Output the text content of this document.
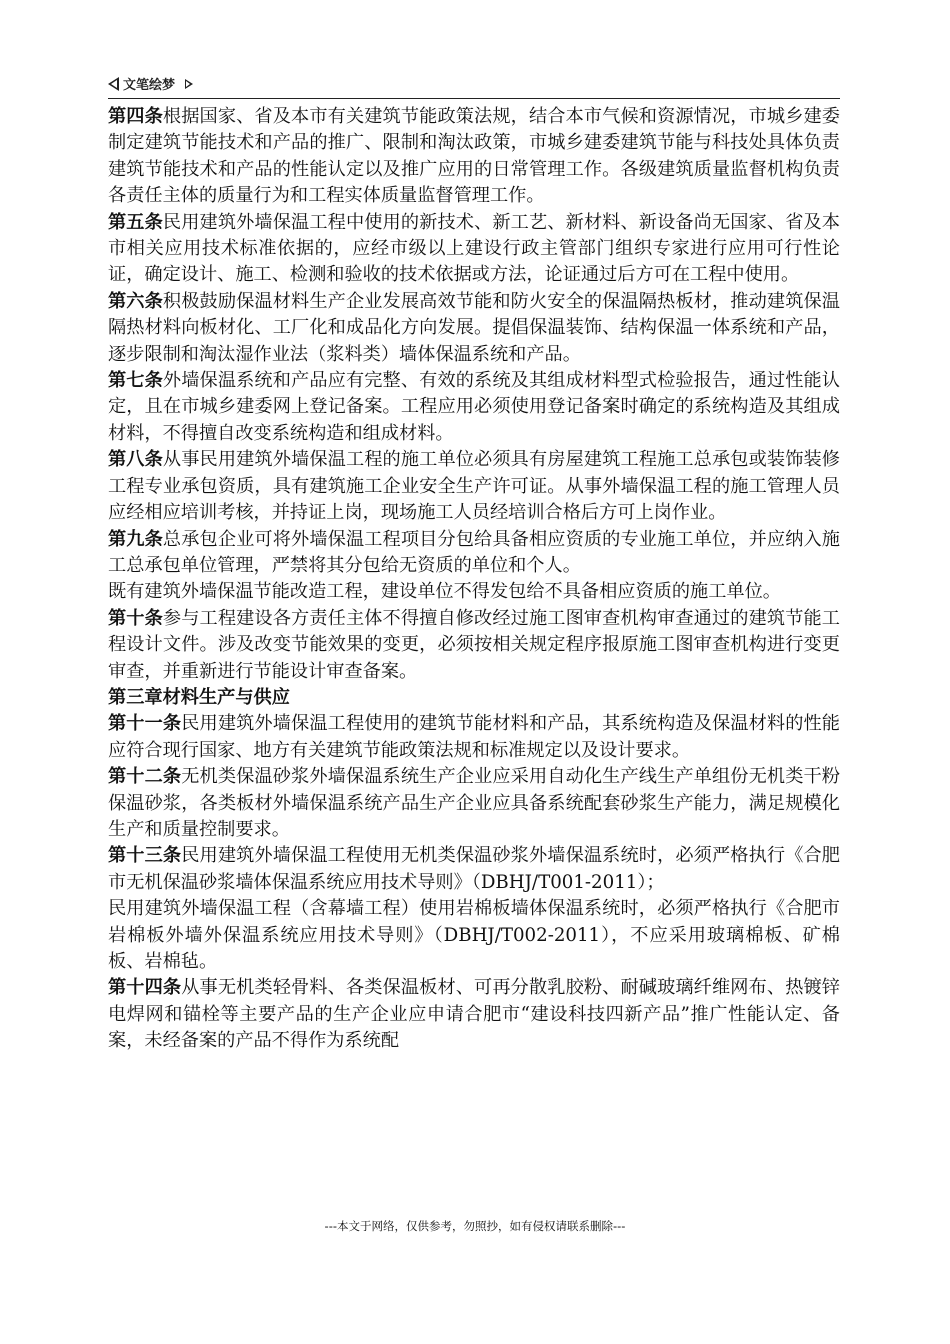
文笔绘梦

第四条根据国家、省及本市有关建筑节能政策法规，结合本市气候和资源情况，市城乡建委制定建筑节能技术和产品的推广、限制和淘汰政策，市城乡建委建筑节能与科技处具体负责建筑节能技术和产品的性能认定以及推广应用的日常管理工作。各级建筑质量监督机构负责各责任主体的质量行为和工程实体质量监督管理工作。

第五条民用建筑外墙保温工程中使用的新技术、新工艺、新材料、新设备尚无国家、省及本市相关应用技术标准依据的，应经市级以上建设行政主管部门组织专家进行应用可行性论证，确定设计、施工、检测和验收的技术依据或方法，论证通过后方可在工程中使用。

第六条积极鼓励保温材料生产企业发展高效节能和防火安全的保温隔热板材，推动建筑保温隔热材料向板材化、工厂化和成品化方向发展。提倡保温装饰、结构保温一体系统和产品，逐步限制和淘汰湿作业法（浆料类）墙体保温系统和产品。

第七条外墙保温系统和产品应有完整、有效的系统及其组成材料型式检验报告，通过性能认定，且在市城乡建委网上登记备案。工程应用必须使用登记备案时确定的系统构造及其组成材料，不得擅自改变系统构造和组成材料。

第八条从事民用建筑外墙保温工程的施工单位必须具有房屋建筑工程施工总承包或装饰装修工程专业承包资质，具有建筑施工企业安全生产许可证。从事外墙保温工程的施工管理人员应经相应培训考核，并持证上岗，现场施工人员经培训合格后方可上岗作业。

第九条总承包企业可将外墙保温工程项目分包给具备相应资质的专业施工单位，并应纳入施工总承包单位管理，严禁将其分包给无资质的单位和个人。

既有建筑外墙保温节能改造工程，建设单位不得发包给不具备相应资质的施工单位。

第十条参与工程建设各方责任主体不得擅自修改经过施工图审查机构审查通过的建筑节能工程设计文件。涉及改变节能效果的变更，必须按相关规定程序报原施工图审查机构进行变更审查，并重新进行节能设计审查备案。

第三章材料生产与供应

第十一条民用建筑外墙保温工程使用的建筑节能材料和产品，其系统构造及保温材料的性能应符合现行国家、地方有关建筑节能政策法规和标准规定以及设计要求。

第十二条无机类保温砂浆外墙保温系统生产企业应采用自动化生产线生产单组份无机类干粉保温砂浆，各类板材外墙保温系统产品生产企业应具备系统配套砂浆生产能力，满足规模化生产和质量控制要求。

第十三条民用建筑外墙保温工程使用无机类保温砂浆外墙保温系统时，必须严格执行《合肥市无机保温砂浆墙体保温系统应用技术导则》（DBHJ/T001-2011）；

民用建筑外墙保温工程（含幕墙工程）使用岩棉板墙体保温系统时，必须严格执行《合肥市岩棉板外墙外保温系统应用技术导则》（DBHJ/T002-2011），不应采用玻璃棉板、矿棉板、岩棉毡。

第十四条从事无机类轻骨料、各类保温板材、可再分散乳胶粉、耐碱玻璃纤维网布、热镀锌电焊网和锚栓等主要产品的生产企业应申请合肥市“建设科技四新产品”推广性能认定、备案，未经备案的产品不得作为系统配

---本文于网络，仅供参考，勿照抄，如有侵权请联系删除---
